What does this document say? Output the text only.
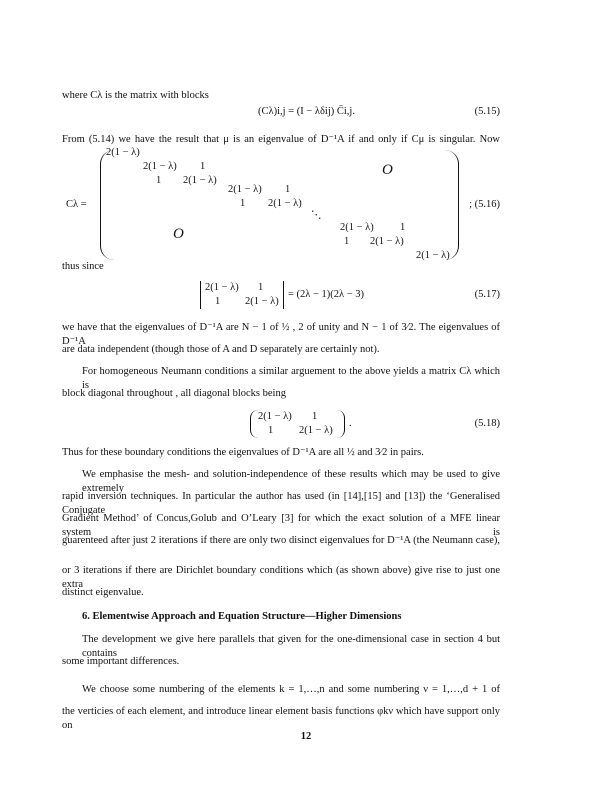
where Cλ is the matrix with blocks
From (5.14) we have the result that μ is an eigenvalue of D⁻¹A if and only if Cμ is singular. Now
thus since
we have that the eigenvalues of D⁻¹A are N − 1 of ½ , 2 of unity and N − 1 of 3⁄2. The eigenvalues of D⁻¹A
are data independent (though those of A and D separately are certainly not).
For homogeneous Neumann conditions a similar arguement to the above yields a matrix Cλ which is
block diagonal throughout , all diagonal blocks being
Thus for these boundary conditions the eigenvalues of D⁻¹A are all ½ and 3⁄2 in pairs.
We emphasise the mesh- and solution-independence of these results which may be used to give extremely
rapid inversion techniques. In particular the author has used (in [14],[15] and [13]) the ‘Generalised Conjugate
Gradient Method’ of Concus,Golub and O’Leary [3] for which the exact solution of a MFE linear system is
guarenteed after just 2 iterations if there are only two disinct eigenvalues for D⁻¹A (the Neumann case),
or 3 iterations if there are Dirichlet boundary conditions which (as shown above) give rise to just one extra
distinct eigenvalue.
6. Elementwise Approach and Equation Structure—Higher Dimensions
The development we give here parallels that given for the one-dimensional case in section 4 but contains
some important differences.
We choose some numbering of the elements k = 1,…,n and some numbering ν = 1,…,d + 1 of
the verticies of each element, and introduce linear element basis functions φkν which have support only on
(Cλ)i,j = (I − λδij) C̄i,j.	(5.15)
Cλ =
2(1 − λ)
2(1 − λ) 1
1 2(1 − λ)
2(1 − λ) 1
1 2(1 − λ)
2(1 − λ) 1
1 2(1 − λ)
2(1 − λ)
O
O
⋱
; (5.16)
2(1 − λ) 1
1 2(1 − λ)
= (2λ − 1)(2λ − 3)	(5.17)
2(1 − λ) 1
1 2(1 − λ)
.	(5.18)
12
